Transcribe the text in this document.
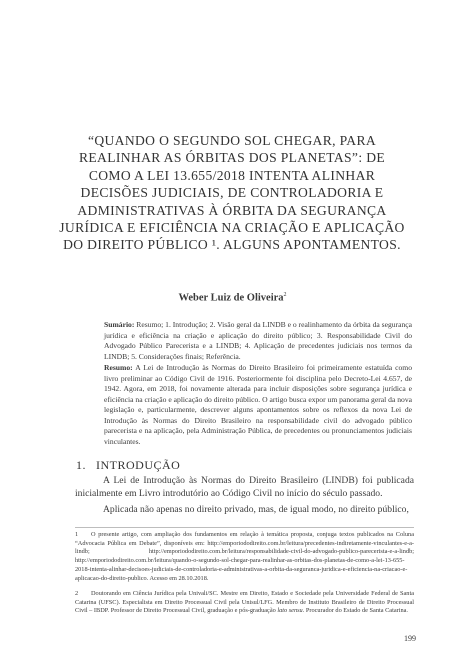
“QUANDO O SEGUNDO SOL CHEGAR, PARA
REALINHAR AS ÓRBITAS DOS PLANETAS”: DE
COMO A LEI 13.655/2018 INTENTA ALINHAR
DECISÕES JUDICIAIS, DE CONTROLADORIA E
ADMINISTRATIVAS À ÓRBITA DA SEGURANÇA
JURÍDICA E EFICIÊNCIA NA CRIAÇÃO E APLICAÇÃO
DO DIREITO PÚBLICO ¹. ALGUNS APONTAMENTOS.
Weber Luiz de Oliveira$^2$
Sumário: Resumo; 1. Introdução; 2. Visão geral da LINDB e o realinhamento da órbita da segurança jurídica e eficiência na criação e aplicação do direito público; 3. Responsabilidade Civil do Advogado Público Parecerista e a LINDB; 4. Aplicação de precedentes judiciais nos termos da LINDB; 5. Considerações finais; Referência.
Resumo: A Lei de Introdução às Normas do Direito Brasileiro foi primeiramente estatuída como livro preliminar ao Código Civil de 1916. Posteriormente foi disciplina pelo Decreto-Lei 4.657, de 1942. Agora, em 2018, foi novamente alterada para incluir disposições sobre segurança jurídica e eficiência na criação e aplicação do direito público. O artigo busca expor um panorama geral da nova legislação e, particularmente, descrever alguns apontamentos sobre os reflexos da nova Lei de Introdução às Normas do Direito Brasileiro na responsabilidade civil do advogado público parecerista e na aplicação, pela Administração Pública, de precedentes ou pronunciamentos judiciais vinculantes.
1. INTRODUÇÃO

A Lei de Introdução às Normas do Direito Brasileiro (LINDB) foi publicada inicialmente em Livro introdutório ao Código Civil no início do século passado.

Aplicada não apenas no direito privado, mas, de igual modo, no direito público,

1 O presente artigo, com ampliação dos fundamentos em relação à temática proposta, conjuga textos publicados na Coluna “Advocacia Pública em Debate”, disponíveis em: http://emporiododireito.com.br/leitura/precedentes-indiretamente-vinculantes-e-a-lindb; http://emporiododireito.com.br/leitura/responsabilidade-civil-do-advogado-publico-parecerista-e-a-lindb; http://emporiododireito.com.br/leitura/quando-o-segundo-sol-chegar-para-realinhar-as-orbitas-dos-planetas-de-como-a-lei-13-655-2018-intenta-alinhar-decisoes-judiciais-de-controladoria-e-administrativas-a-orbita-da-seguranca-juridica-e-eficiencia-na-criacao-e-aplicacao-do-direito-publico. Acesso em 28.10.2018.
2 Doutorando em Ciência Jurídica pela Univali/SC. Mestre em Direito, Estado e Sociedade pela Universidade Federal de Santa Catarina (UFSC). Especialista em Direito Processual Civil pela Unisul/LFG. Membro de Instituto Brasileiro de Direito Processual Civil – IBDP. Professor de Direito Processual Civil, graduação e pós-graduação lato sensu. Procurador do Estado de Santa Catarina.
199
